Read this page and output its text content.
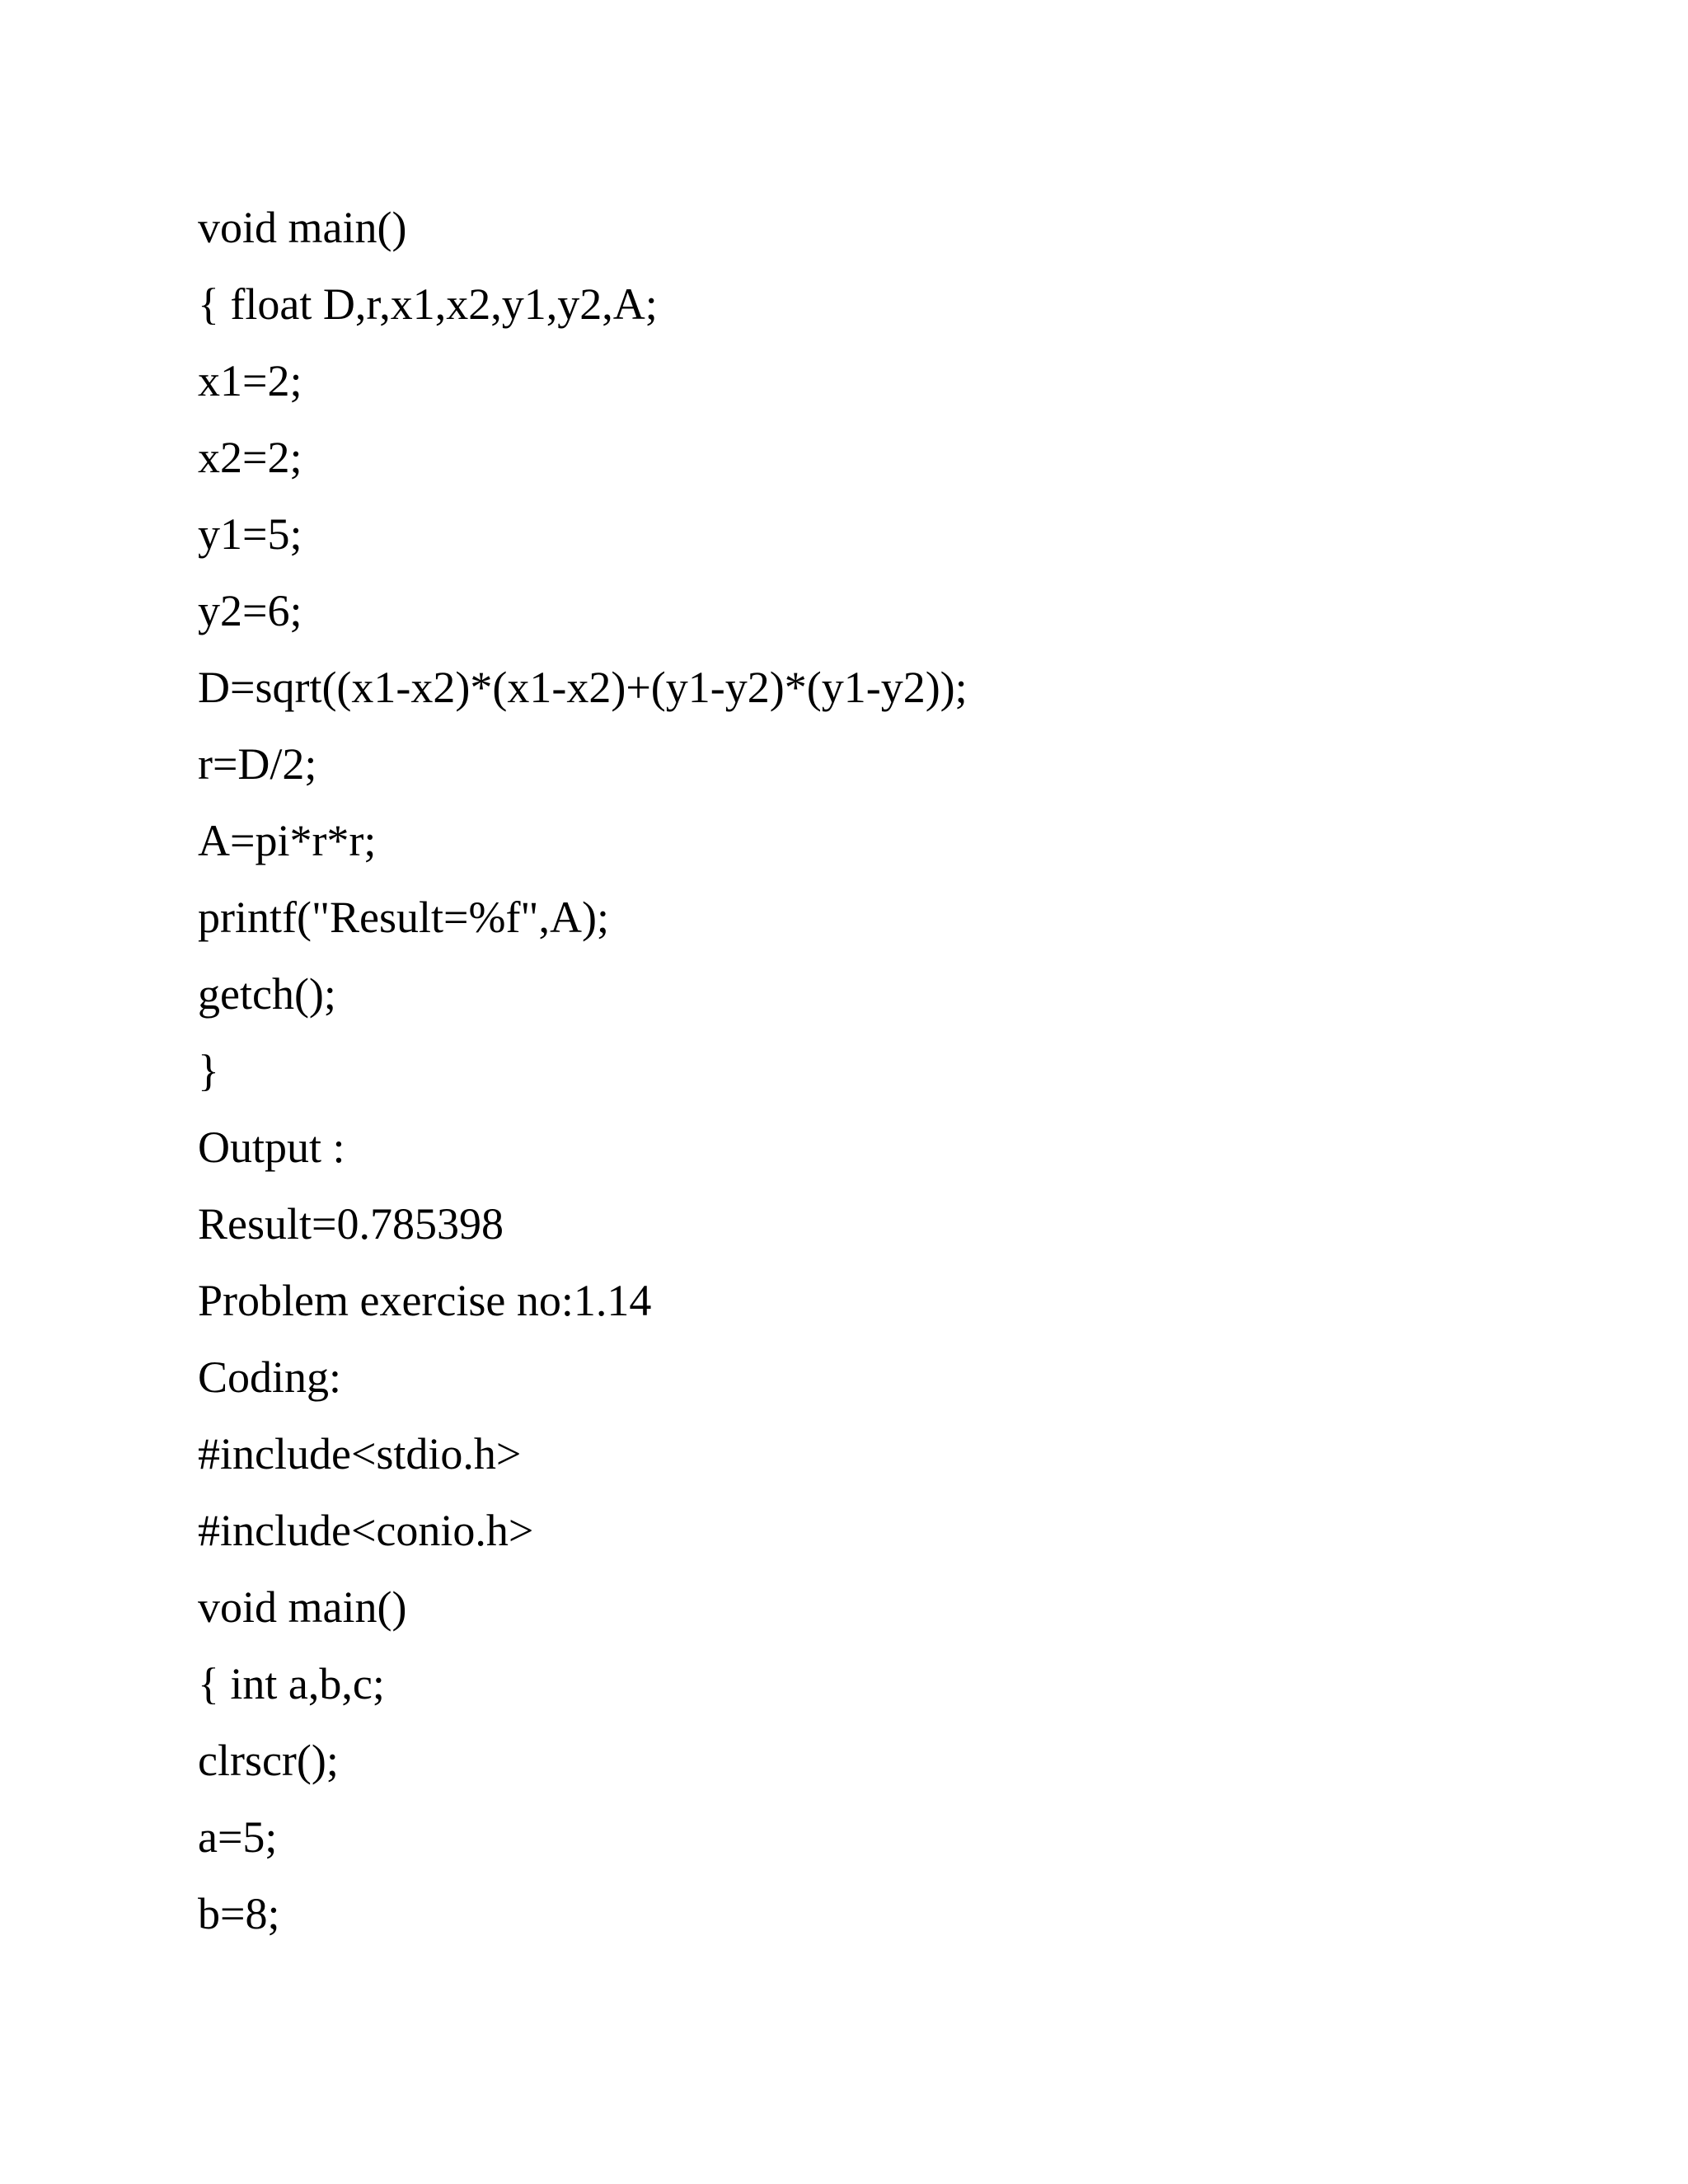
void main()
{ float D,r,x1,x2,y1,y2,A;
x1=2;
x2=2;
y1=5;
y2=6;
D=sqrt((x1-x2)*(x1-x2)+(y1-y2)*(y1-y2));
r=D/2;
A=pi*r*r;
printf("Result=%f",A);
getch();
}
Output :
Result=0.785398
Problem exercise no:1.14
Coding:
#include<stdio.h>
#include<conio.h>
void main()
{ int a,b,c;
clrscr();
a=5;
b=8;
